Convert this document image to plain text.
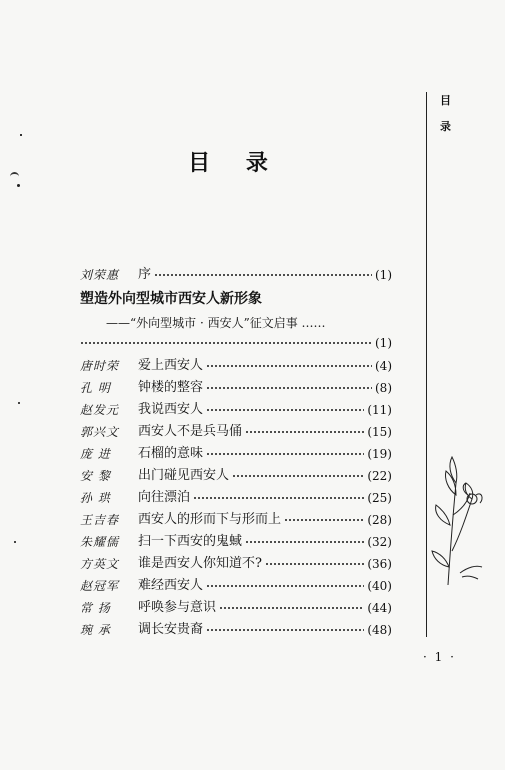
目 录
目
录
刘荣惠	序	(1)
塑造外向型城市西安人新形象
——“外向型城市 · 西安人”征文启事 ……
(1)
唐时荣	爱上西安人	(4)
孔 明	钟楼的整容	(8)
赵发元	我说西安人	(11)
郭兴文	西安人不是兵马俑	(15)
庞 进	石榴的意味	(19)
安 黎	出门碰见西安人	(22)
孙 珙	向往漂泊	(25)
王吉春	西安人的形而下与形而上	(28)
朱耀儒	扫一下西安的鬼蜮	(32)
方英文	谁是西安人你知道不?	(36)
赵冠军	难经西安人	(40)
常 扬	呼唤参与意识	(44)
琬 承	调长安贵裔	(48)
· 1 ·
